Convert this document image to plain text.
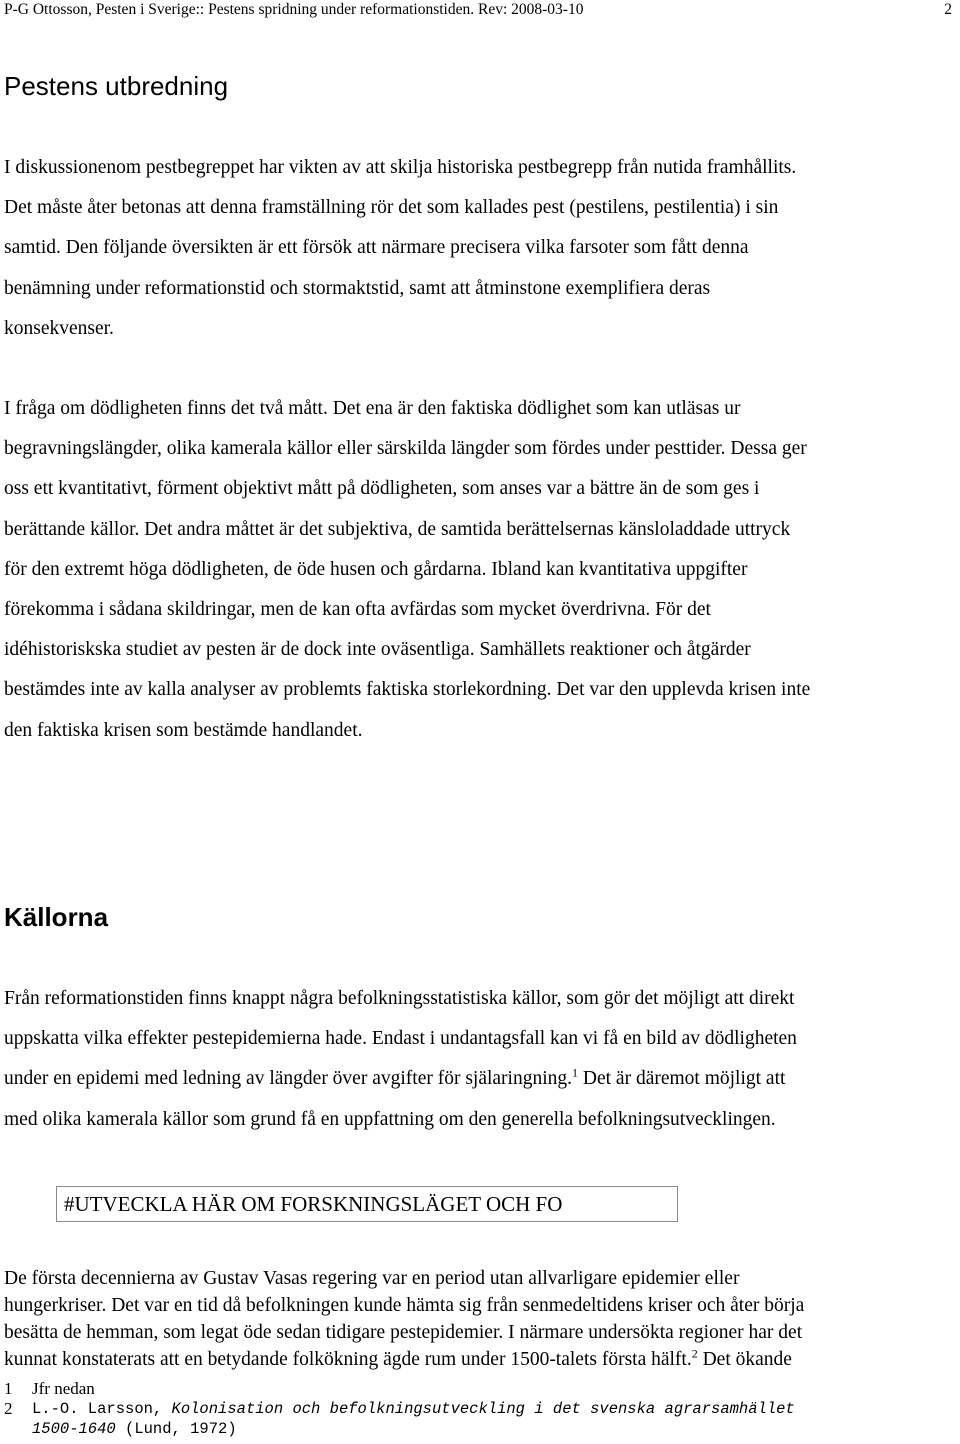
P-G Ottosson, Pesten i Sverige:: Pestens spridning under reformationstiden. Rev: 2008-03-10	2
Pestens utbredning

I diskussionenom pestbegreppet har vikten av att skilja historiska pestbegrepp från nutida framhållits.
Det måste åter betonas att denna framställning rör det som kallades pest (pestilens, pestilentia) i sin
samtid. Den följande översikten är ett försök att närmare precisera vilka farsoter som fått denna
benämning under reformationstid och stormaktstid, samt att åtminstone exemplifiera deras
konsekvenser.

I fråga om dödligheten finns det två mått. Det ena är den faktiska dödlighet som kan utläsas ur
begravningslängder, olika kamerala källor eller särskilda längder som fördes under pesttider. Dessa ger
oss ett kvantitativt, förment objektivt mått på dödligheten, som anses var a bättre än de som ges i
berättande källor. Det andra måttet är det subjektiva, de samtida berättelsernas känsloladdade uttryck
för den extremt höga dödligheten, de öde husen och gårdarna. Ibland kan kvantitativa uppgifter
förekomma i sådana skildringar, men de kan ofta avfärdas som mycket överdrivna. För det
idéhistoriskska studiet av pesten är de dock inte oväsentliga. Samhällets reaktioner och åtgärder
bestämdes inte av kalla analyser av problemts faktiska storlekordning. Det var den upplevda krisen inte
den faktiska krisen som bestämde handlandet.

Källorna

Från reformationstiden finns knappt några befolkningsstatistiska källor, som gör det möjligt att direkt
uppskatta vilka effekter pestepidemierna hade. Endast i undantagsfall kan vi få en bild av dödligheten
under en epidemi med ledning av längder över avgifter för själaringning.$^1$ Det är däremot möjligt att
med olika kamerala källor som grund få en uppfattning om den generella befolkningsutvecklingen.

#UTVECKLA HÄR OM FORSKNINGSLÄGET OCH FO

De första decennierna av Gustav Vasas regering var en period utan allvarligare epidemier eller
hungerkriser. Det var en tid då befolkningen kunde hämta sig från senmedeltidens kriser och åter börja
besätta de hemman, som legat öde sedan tidigare pestepidemier. I närmare undersökta regioner har det
kunnat konstaterats att en betydande folkökning ägde rum under 1500-talets första hälft.$^2$ Det ökande

1 Jfr nedan
2 L.-O. Larsson, Kolonisation och befolkningsutveckling i det svenska agrarsamhället
1500-1640 (Lund, 1972)
